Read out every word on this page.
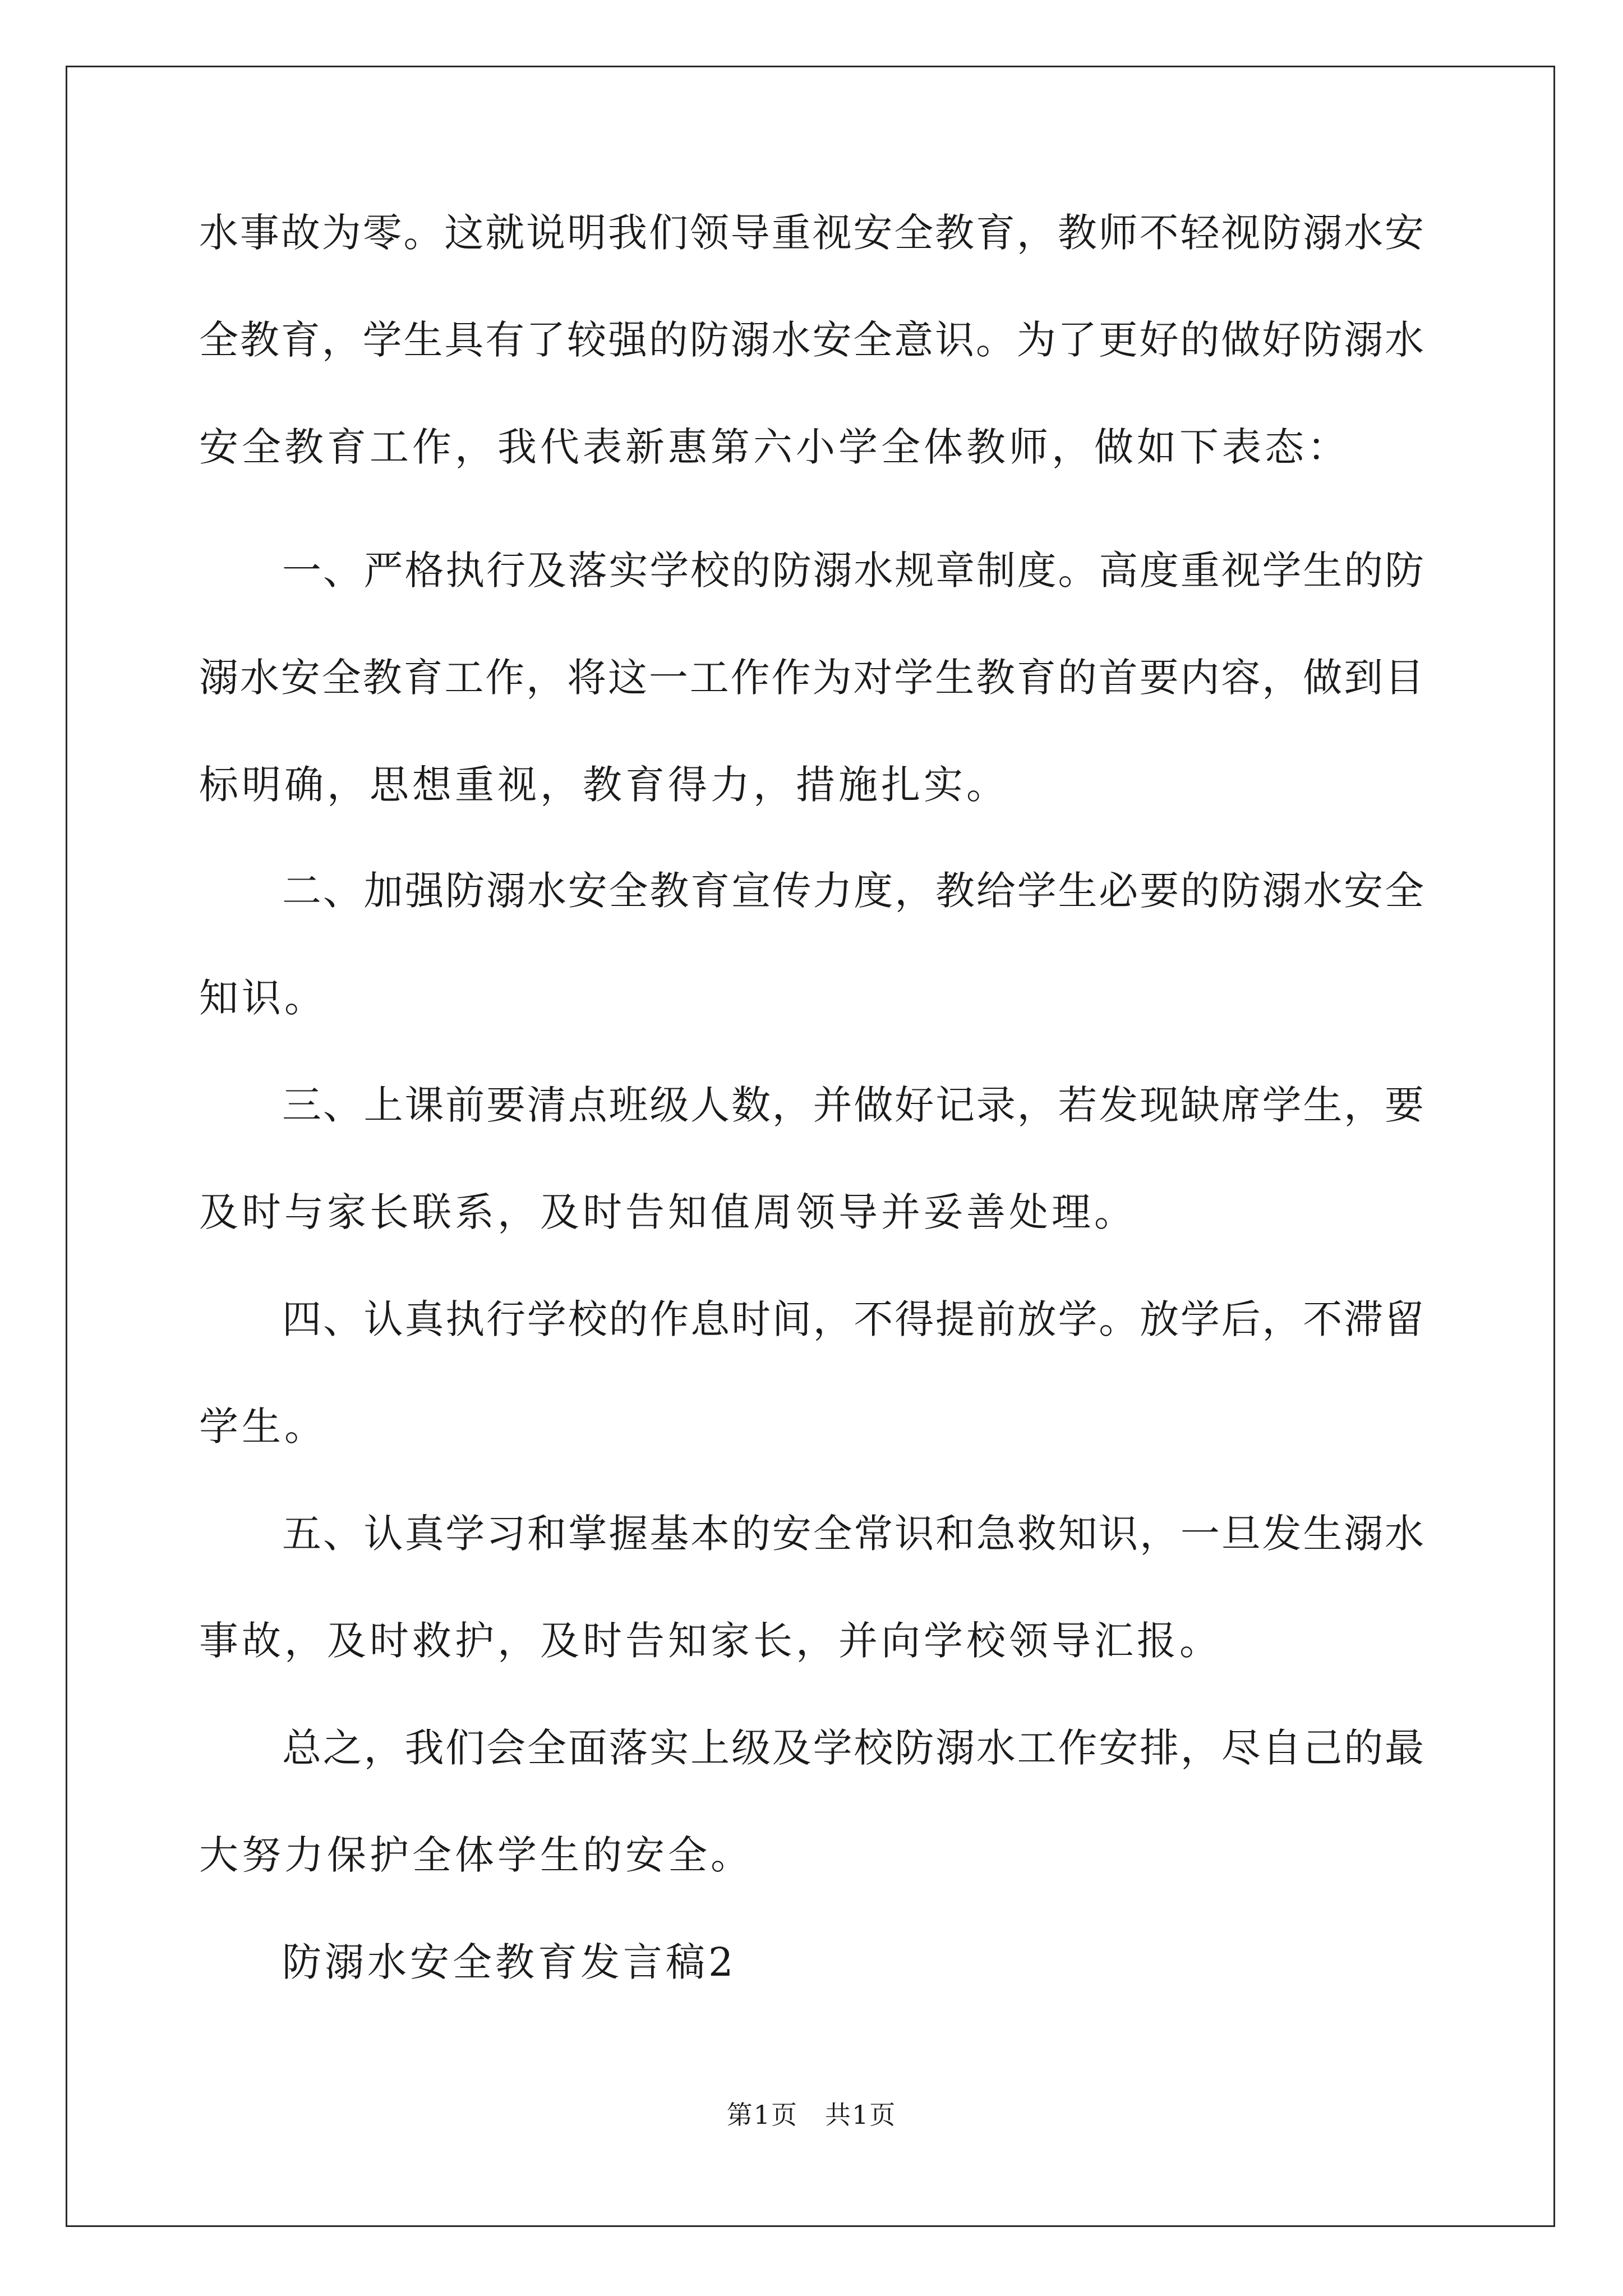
水事故为零。这就说明我们领导重视安全教育，教师不轻视防溺水安
全教育，学生具有了较强的防溺水安全意识。为了更好的做好防溺水
安全教育工作，我代表新惠第六小学全体教师，做如下表态：
一、严格执行及落实学校的防溺水规章制度。高度重视学生的防
溺水安全教育工作，将这一工作作为对学生教育的首要内容，做到目
标明确，思想重视，教育得力，措施扎实。
二、加强防溺水安全教育宣传力度，教给学生必要的防溺水安全
知识。
三、上课前要清点班级人数，并做好记录，若发现缺席学生，要
及时与家长联系，及时告知值周领导并妥善处理。
四、认真执行学校的作息时间，不得提前放学。放学后，不滞留
学生。
五、认真学习和掌握基本的安全常识和急救知识，一旦发生溺水
事故，及时救护，及时告知家长，并向学校领导汇报。
总之，我们会全面落实上级及学校防溺水工作安排，尽自己的最
大努力保护全体学生的安全。
防溺水安全教育发言稿2
第1页　共1页
